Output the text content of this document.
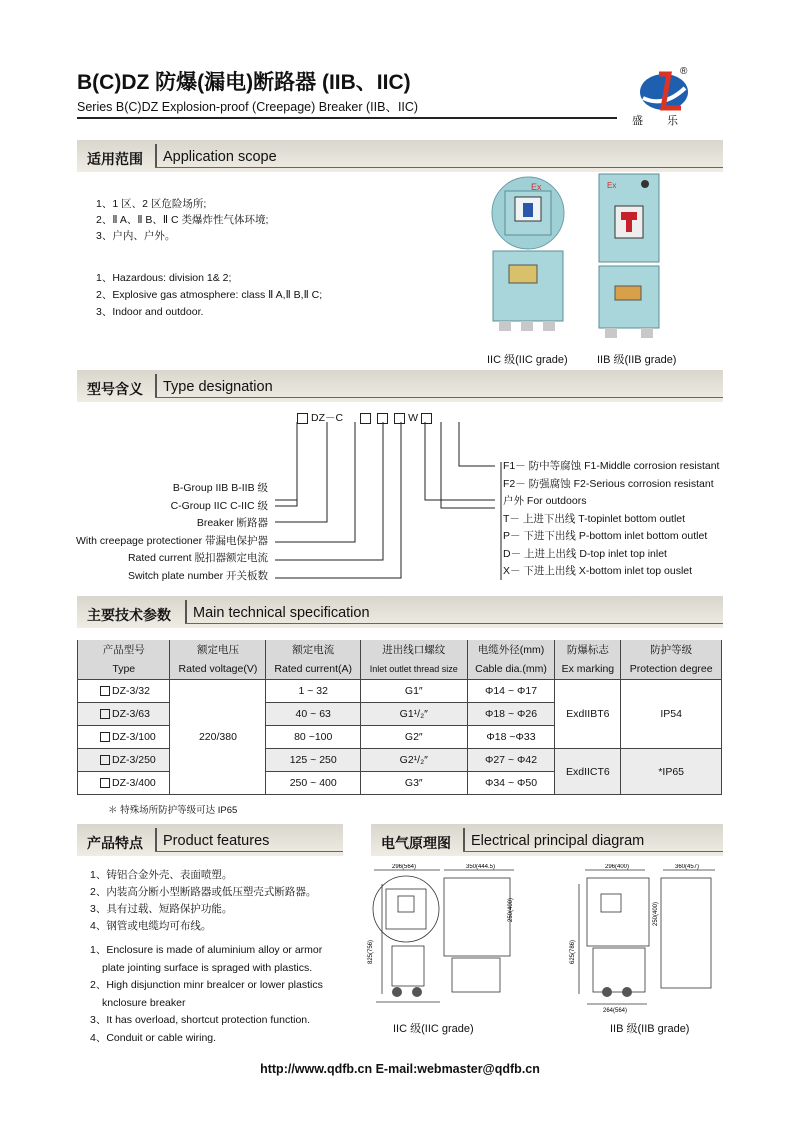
B(C)DZ 防爆(漏电)断路器 (IIB、IIC)
Series B(C)DZ Explosion-proof (Creepage) Breaker (IIB、IIC)
®
盛乐
适用范围 Application scope
1、1 区、2 区危险场所;
2、Ⅱ A、Ⅱ B、Ⅱ C 类爆炸性气体环境;
3、户内、户外。
1、Hazardous: division 1& 2;
2、Explosive gas atmosphere: class Ⅱ A,Ⅱ B,Ⅱ C;
3、Indoor and outdoor.
Ex	Ex
IIC 级(IIC grade)	IIB 级(IIB grade)
型号含义 Type designation
DZ－C	W
B-Group IIB B-IIB 级
C-Group IIC C-IIC 级
Breaker 断路器
With creepage protectioner 带漏电保护器
Rated current 脱扣器额定电流
Switch plate number 开关板数
F1－ 防中等腐蚀 F1-Middle corrosion resistant
F2－ 防强腐蚀 F2-Serious corrosion resistant
户外 For outdoors
T－ 上进下出线 T-topinlet bottom outlet
P－ 下进下出线 P-bottom inlet bottom outlet
D－ 上进上出线 D-top inlet top inlet
X－ 下进上出线 X-bottom inlet top ouslet
主要技术参数 Main technical specification
产品型号	额定电压	额定电流	进出线口螺纹	电缆外径(mm)	防爆标志	防护等级
Type	Rated voltage(V)	Rated current(A)	Inlet outlet thread size	Cable dia.(mm)	Ex marking	Protection degree
DZ-3/32	220/380	1 ~ 32	G1″	Φ14 ~ Φ17	ExdIIBT6	IP54
DZ-3/63		40 ~ 63	G1¹/₂″	Φ18 ~ Φ26		
DZ-3/100		80 ~100	G2″	Φ18 ~Φ33		
DZ-3/250		125 ~ 250	G2¹/₂″	Φ27 ~ Φ42	ExdIICT6	*IP65
DZ-3/400		250 ~ 400	G3″	Φ34 ~ Φ50		
＊ 特殊场所防护等级可达 IP65
产品特点 Product features	电气原理图 Electrical principal diagram
1、铸铝合金外壳、表面喷塑。
2、内装高分断小型断路器或低压塑壳式断路器。
3、具有过载、短路保护功能。
4、钢管或电缆均可布线。
1、Enclosure is made of aluminium alloy or armor
plate jointing surface is spraged with plastics.
2、High disjunction minr brealcer or lower plastics
knclosure breaker
3、It has overload, shortcut protection function.
4、Conduit or cable wiring.
296(564)	350(444.5)
250(400)
825(756)
296(400)	360(457)
250(400)
625(786)
264(564)
IIC 级(IIC grade)	IIB 级(IIB grade)
http://www.qdfb.cn E-mail:webmaster@qdfb.cn
